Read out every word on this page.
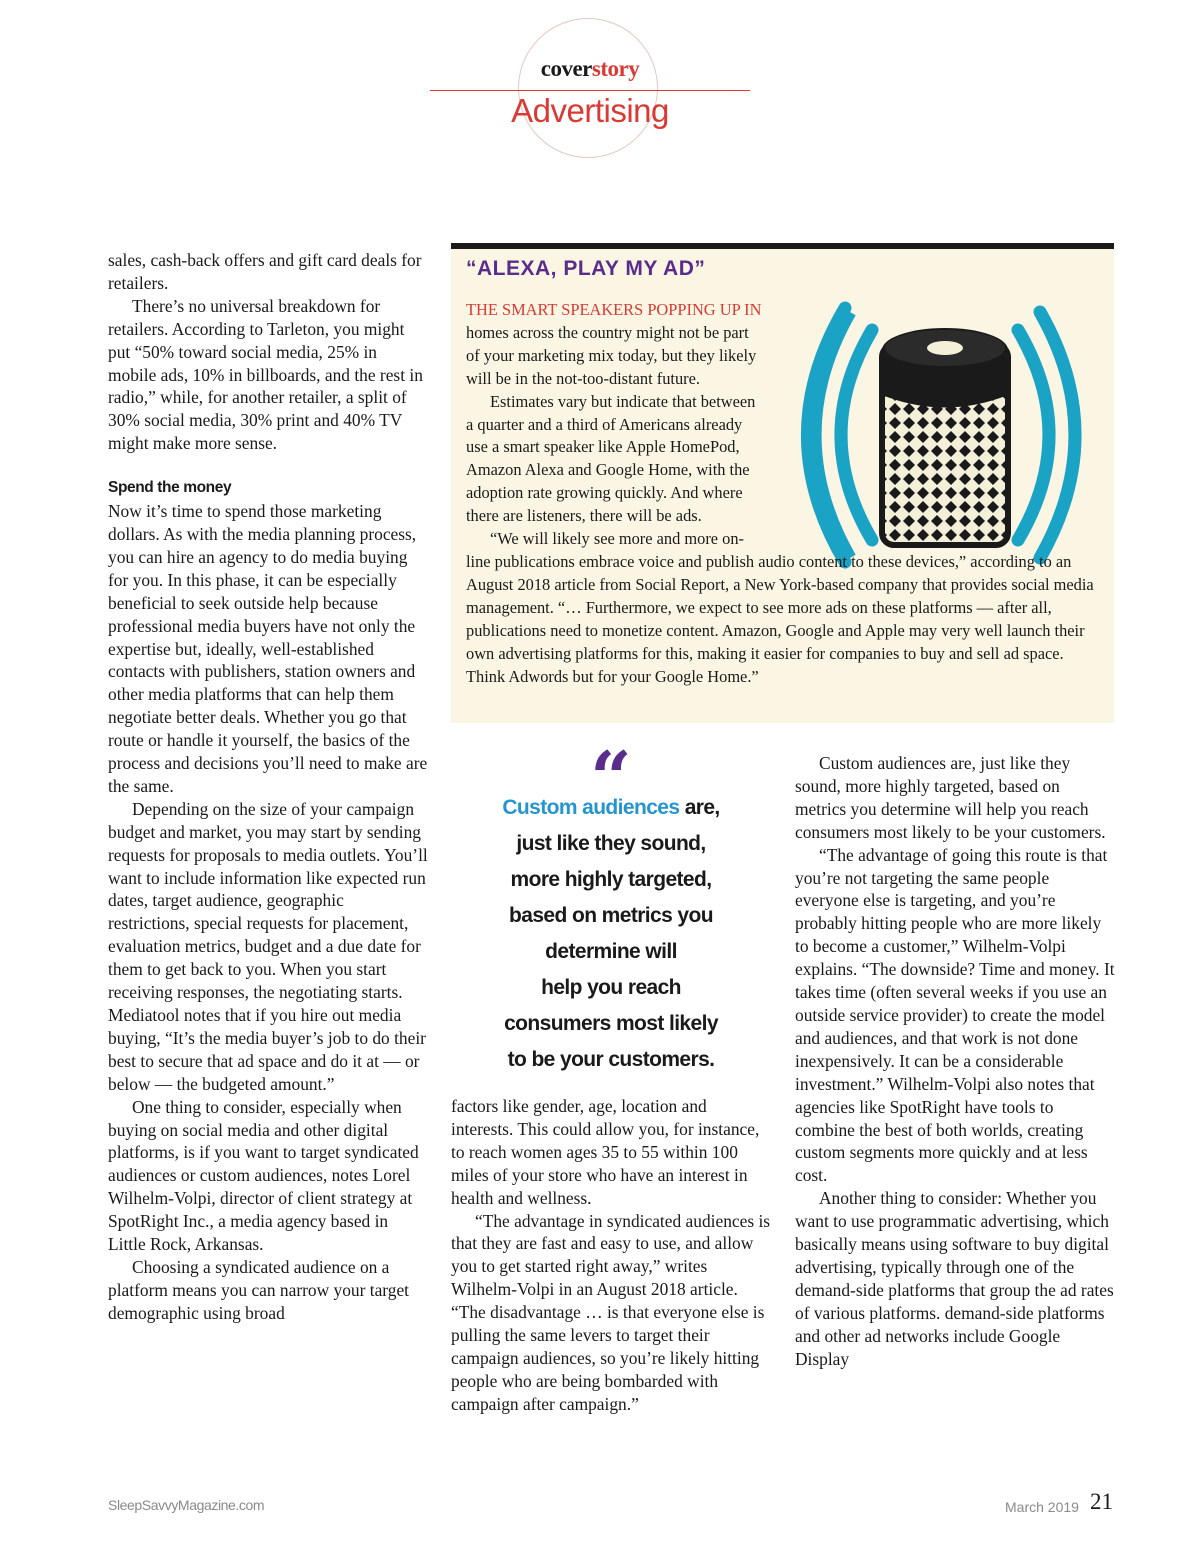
coverstory
Advertising

sales, cash-back offers and gift card deals for retailers.

There’s no universal breakdown for retailers. According to Tarleton, you might put “50% toward social media, 25% in mobile ads, 10% in billboards, and the rest in radio,” while, for another retailer, a split of 30% social media, 30% print and 40% TV might make more sense.

Spend the money

Now it’s time to spend those marketing dollars. As with the media planning process, you can hire an agency to do media buying for you. In this phase, it can be especially beneficial to seek outside help because professional media buyers have not only the expertise but, ideally, well-established contacts with publishers, station owners and other media platforms that can help them negotiate better deals. Whether you go that route or handle it yourself, the basics of the process and decisions you’ll need to make are the same.

Depending on the size of your campaign budget and market, you may start by sending requests for proposals to media outlets. You’ll want to include information like expected run dates, target audience, geographic restrictions, special requests for placement, evaluation metrics, budget and a due date for them to get back to you. When you start receiving responses, the negotiating starts. Mediatool notes that if you hire out media buying, “It’s the media buyer’s job to do their best to secure that ad space and do it at — or below — the budgeted amount.”

One thing to consider, especially when buying on social media and other digital platforms, is if you want to target syndicated audiences or custom audiences, notes Lorel Wilhelm-Volpi, director of client strategy at SpotRight Inc., a media agency based in Little Rock, Arkansas.

Choosing a syndicated audience on a platform means you can narrow your target demographic using broad

“ALEXA, PLAY MY AD”

THE SMART SPEAKERS POPPING UP IN
homes across the country might not be part of your marketing mix today, but they likely will be in the not-too-distant future.

Estimates vary but indicate that between a quarter and a third of Americans already use a smart speaker like Apple HomePod, Amazon Alexa and Google Home, with the adoption rate growing quickly. And where there are listeners, there will be ads.

“We will likely see more and more on-

line publications embrace voice and publish audio content to these devices,” according to an August 2018 article from Social Report, a New York-based company that provides social media management. “… Furthermore, we expect to see more ads on these platforms — after all, publications need to monetize content. Amazon, Google and Apple may very well launch their own advertising platforms for this, making it easier for companies to buy and sell ad space. Think Adwords but for your Google Home.”

“
Custom audiences are,
just like they sound,
more highly targeted,
based on metrics you
determine will
help you reach
consumers most likely
to be your customers.

factors like gender, age, location and interests. This could allow you, for instance, to reach women ages 35 to 55 within 100 miles of your store who have an interest in health and wellness.

“The advantage in syndicated audiences is that they are fast and easy to use, and allow you to get started right away,” writes Wilhelm-Volpi in an August 2018 article. “The disadvantage … is that everyone else is pulling the same levers to target their campaign audiences, so you’re likely hitting people who are being bombarded with campaign after campaign.”

Custom audiences are, just like they sound, more highly targeted, based on metrics you determine will help you reach consumers most likely to be your customers.

“The advantage of going this route is that you’re not targeting the same people everyone else is targeting, and you’re probably hitting people who are more likely to become a customer,” Wilhelm-Volpi explains. “The downside? Time and money. It takes time (often several weeks if you use an outside service provider) to create the model and audiences, and that work is not done inexpensively. It can be a considerable investment.” Wilhelm-Volpi also notes that agencies like SpotRight have tools to combine the best of both worlds, creating custom segments more quickly and at less cost.

Another thing to consider: Whether you want to use programmatic advertising, which basically means using software to buy digital advertising, typically through one of the demand-side platforms that group the ad rates of various platforms. demand-side platforms and other ad networks include Google Display

SleepSavvyMagazine.com	March 2019 21
